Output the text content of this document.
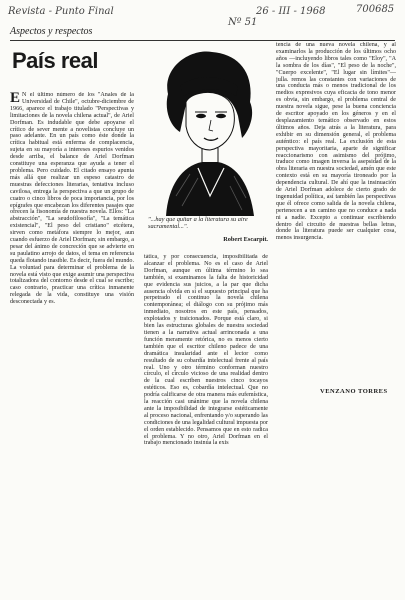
Revista - Punto Final	26 - III - 1968	700685
Nº 51
Aspectos y respectos
País real
E N el último número de los "Anales de la Universidad de Chile", octubre-diciembre de 1966, aparece el trabajo titulado "Perspectivas y limitaciones de la novela chilena actual", de Ariel Dorfman. Es indudable que debe apoyarse el crítico de sever mente a novelistas concluye un paso adelante. En un país como éste donde la crítica habitual está enferma de complacencia, sujeta en su mayoría a intereses espurios venidos desde arriba, el balance de Ariel Dorfman constituye una esperanza que ayuda a tener el problema. Pero cuidado. El citado ensayo apunta más allá que realizar un espeso catastro de muestras defecciones literarias, tentativa incluso cavilosa, entrega la perspectiva a que un grupo de cuatro o cinco libros de poca importancia, por los epígrafes que encabezan los diferentes pasajes que ofrecen la fisonomía de nuestra novela. Ellos: "La abstracción", "La seudofilosofía", "La temática existencial", "El peso del cristiano" etcétera, sirven como metáfora siempre lo mejor, aun cuando esfuerzo de Ariel Dorfman; sin embargo, a pesar del ánimo de concreción que se advierte en su paulatino arrojo de datos, el tema en referencia queda flotando inasible. Es decir, fuera del mundo. La voluntad para determinar el problema de la novela está visto que exige asumir una perspectiva totalizadora del contorno desde el cual se escribe; caso contrario, practicar una crítica inmanente relegada de la vida, constituye una visión desconectada y es.
"...hay que quitar a la literatura su aire sacramental...".
Robert Escarpit.
tática, y por consecuencia, imposibilitada de alcanzar el problema. No es el caso de Ariel Dorfman, aunque en última término lo sea también, si examinamos la falta de historicidad que evidencia sus juicios, a la par que dicha ausencia olvida en sí el supuesto principal que ha perpetrado el continuo la novela chilena contemporánea; el diálogo con su prójimo más inmediato, nosotros en este país, pensados, explotados y traicionados. Porque está claro, si bien las estructuras globales de nuestra sociedad tienen a la narrativa actual arrinconada a una función meramente retórica, no es menos cierto también que el escritor chileno padece de una dramática insularidad ante el lector como resultado de su cobardía intelectual frente al país real. Uno y otro término conforman nuestro círculo, el círculo vicioso de una realidad dentro de la cual escriben nuestros cinco tocayos estéticos. Eso es, cobardía intelectual. Que no podría calificarse de otra manera más eufemística, la reacción casi unánime que la novela chilena ante la imposibilidad de integrarse estéticamente al proceso nacional, enfrentando y/o superando las condiciones de una legalidad cultural impuesta por el orden establecido. Pensamos que en esto radica el problema. Y no otro, Ariel Dorfman en el trabajo mencionado insinúa la exis
tencia de una nueva novela chilena, y al examinarlos la producción de los últimos ocho años —incluyendo libros tales como "Eloy", "A la sombra de los días", "El peso de la noche", "Cuerpo excelente", "El lugar sin límites"— julla. remos las constantes con variaciones de una conducta más o menos tradicional de los medios expresivos cuya eficacia de tono menor es obvia, sin embargo, el problema central de nuestra novela sigue, pese la buena conciencia de escritor apoyado en los géneros y en el desplazamiento temático observado en estos últimos años. Deja atrás a la literatura, para exhibir en su dimensión general, el problema auténtico: el país real. La exclusión de esta perspectiva mayoritaria, aparte de significar reaccionarismo con asimismo del prójimo, traduce como imagen inversa la asepsidad de la obra literaria en nuestra sociedad, amén que este contexto está en su mayoría tironeado por la dependencia cultural. De ahí que la insinuación de Ariel Dorfman adolece de cierto grado de ingenuidad política, así también las perspectivas que él ofrece como salida de la novela chilena, pertenecen a un camino que no conduce a nada ni a nadie. Excepto a continuar escribiendo dentro del circuito de nuestras bellas letras, donde la literatura puede ser cualquier cosa, menos insurgencia.
VENZANO TORRES
